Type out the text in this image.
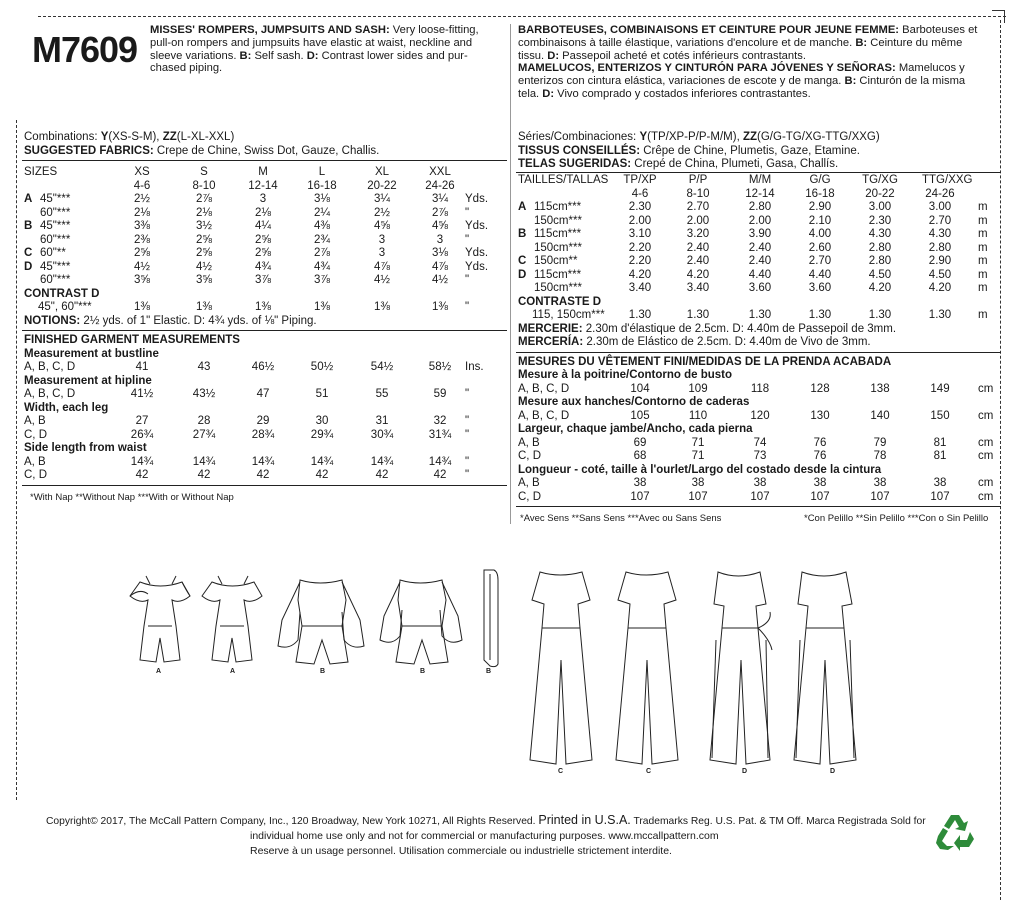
M7609 MISSES' ROMPERS, JUMPSUITS AND SASH: Very loose-fitting,
pull-on rompers and jumpsuits have elastic at waist, neckline and
sleeve variations. B: Self sash. D: Contrast lower sides and pur-
chased piping.
BARBOTEUSES, COMBINAISONS ET CEINTURE POUR JEUNE FEMME: Barboteuses et
combinaisons à taille élastique, variations d'encolure et de manche. B: Ceinture du même
tissu. D: Passepoil acheté et cotés inférieurs contrastants.
MAMELUCOS, ENTERIZOS Y CINTURÓN PARA JÓVENES Y SEÑORAS: Mamelucos y
enterizos con cintura elástica, variaciones de escote y de manga. B: Cinturón de la misma
tela. D: Vivo comprado y costados inferiores contrastantes.
Combinations: Y(XS-S-M), ZZ(L-XL-XXL)
SUGGESTED FABRICS: Crepe de Chine, Swiss Dot, Gauze, Challis.
Séries/Combinaciones: Y(TP/XP-P/P-M/M), ZZ(G/G-TG/XG-TTG/XXG)
TISSUS CONSEILLÉS: Crêpe de Chine, Plumetis, Gaze, Etamine.
TELAS SUGERIDAS: Crepé de China, Plumeti, Gasa, Challís.
SIZES	XS	S	M	L	XL	XXL
4-6	8-10	12-14	16-18	20-22 24-26
A 45"***	2½	2⅞	3	3⅛	3¼	3¼	Yds.
60"***	2⅛	2⅛	2⅛	2¼	2½	2⅞	"
B 45"***	3⅜	3½	4¼	4⅜	4⅝	4⅝	Yds.
60"***	2⅜	2⅝	2⅝	2¾	3	3	"
C 60"**	2⅝	2⅝	2⅝	2⅞	3	3⅛	Yds.
D 45"***	4½	4½	4¾	4¾	4⅞	4⅞	Yds.
60"***	3⅝	3⅝	3⅞	3⅞	4½	4½	"
CONTRAST D
45", 60"***	1⅜	1⅜	1⅜	1⅜	1⅜	1⅜	"
NOTIONS: 2½ yds. of 1" Elastic. D: 4¾ yds. of ⅛" Piping.
FINISHED GARMENT MEASUREMENTS
Measurement at bustline
A, B, C, D	41	43	46½	50½	54½	58½	Ins.
Measurement at hipline
A, B, C, D	41½	43½	47	51	55	59	"
Width, each leg
A, B	27	28	29	30	31	32	"
C, D	26¾	27¾	28¾	29¾	30¾	31¾	"
Side length from waist
A, B	14¾	14¾	14¾	14¾	14¾	14¾	"
C, D	42	42	42	42	42	42	"
*With Nap **Without Nap ***With or Without Nap
TAILLES/TALLAS TP/XP	P/P	M/M	G/G	TG/XG TTG/XXG
4-6	8-10	12-14	16-18	20-22	24-26
A 115cm***	2.30	2.70	2.80	2.90	3.00	3.00	m
150cm***	2.00	2.00	2.00	2.10	2.30	2.70	m
B 115cm***	3.10	3.20	3.90	4.00	4.30	4.30	m
150cm***	2.20	2.40	2.40	2.60	2.80	2.80	m
C 150cm**	2.20	2.40	2.40	2.70	2.80	2.90	m
D 115cm***	4.20	4.20	4.40	4.40	4.50	4.50	m
150cm***	3.40	3.40	3.60	3.60	4.20	4.20	m
CONTRASTE D
115, 150cm***	1.30	1.30	1.30	1.30	1.30	1.30	m
MERCERIE: 2.30m d'élastique de 2.5cm. D: 4.40m de Passepoil de 3mm.
MERCERÍA: 2.30m de Elástico de 2.5cm. D: 4.40m de Vivo de 3mm.
MESURES DU VÊTEMENT FINI/MEDIDAS DE LA PRENDA ACABADA
Mesure à la poitrine/Contorno de busto
A, B, C, D	104	109	118	128	138	149	cm
Mesure aux hanches/Contorno de caderas
A, B, C, D	105	110	120	130	140	150	cm
Largeur, chaque jambe/Ancho, cada pierna
A, B	69	71	74	76	79	81	cm
C, D	68	71	73	76	78	81	cm
Longueur - coté, taille à l'ourlet/Largo del costado desde la cintura
A, B	38	38	38	38	38	38	cm
C, D	107	107	107	107	107	107	cm
*Avec Sens **Sans Sens ***Avec ou Sans Sens	*Con Pelillo **Sin Pelillo ***Con o Sin Pelillo
A	A	B	B	B
C	C	D	D
Copyright© 2017, The McCall Pattern Company, Inc., 120 Broadway, New York 10271, All Rights Reserved. Printed in U.S.A. Trademarks Reg. U.S. Pat. & TM Off. Marca Registrada Sold for
individual home use only and not for commercial or manufacturing purposes. www.mccallpattern.com
Reserve à un usage personnel. Utilisation commerciale ou industrielle strictement interdite.
